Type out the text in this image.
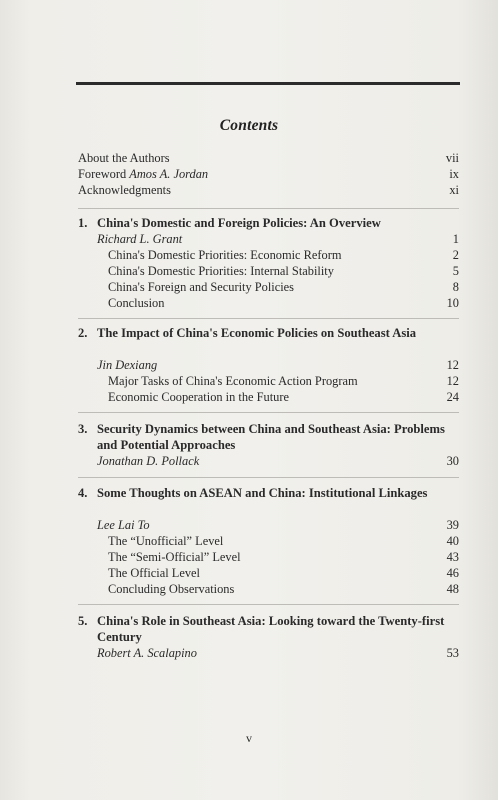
Contents
About the Authors	vii
Foreword Amos A. Jordan	ix
Acknowledgments	xi
1. China's Domestic and Foreign Policies: An Overview
Richard L. Grant	1
China's Domestic Priorities: Economic Reform	2
China's Domestic Priorities: Internal Stability	5
China's Foreign and Security Policies	8
Conclusion	10
2. The Impact of China's Economic Policies on Southeast Asia
Jin Dexiang	12
Major Tasks of China's Economic Action Program	12
Economic Cooperation in the Future	24
3. Security Dynamics between China and Southeast Asia: Problems and Potential Approaches
Jonathan D. Pollack	30
4. Some Thoughts on ASEAN and China: Institutional Linkages
Lee Lai To	39
The “Unofficial” Level	40
The “Semi-Official” Level	43
The Official Level	46
Concluding Observations	48
5. China's Role in Southeast Asia: Looking toward the Twenty-first Century
Robert A. Scalapino	53
v
